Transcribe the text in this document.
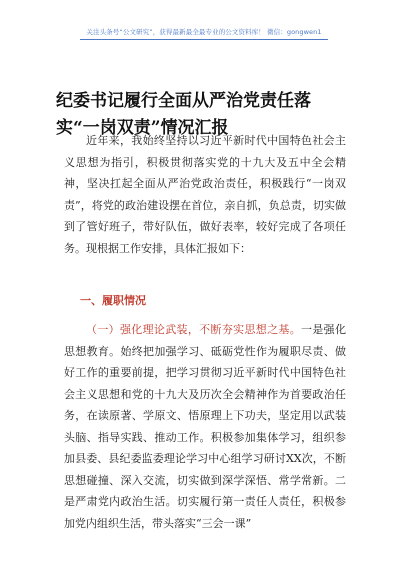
关注头条号“公文研究”，获得最新最全最专业的公文资料库！ 微信：gongwen1
纪委书记履行全面从严治党责任落实“一岗双责”情况汇报

近年来，我始终坚持以习近平新时代中国特色社会主义思想为指引，积极贯彻落实党的十九大及五中全会精神，坚决扛起全面从严治党政治责任，积极践行“一岗双责”，将党的政治建设摆在首位，亲自抓，负总责，切实做到了管好班子，带好队伍，做好表率，较好完成了各项任务。现根据工作安排，具体汇报如下：

一、履职情况

（一）强化理论武装，不断夯实思想之基。一是强化思想教育。始终把加强学习、砥砺党性作为履职尽责、做好工作的重要前提，把学习贯彻习近平新时代中国特色社会主义思想和党的十九大及历次全会精神作为首要政治任务，在读原著、学原文、悟原理上下功夫，坚定用以武装头脑、指导实践、推动工作。积极参加集体学习，组织参加县委、县纪委监委理论学习中心组学习研讨XX次，不断思想碰撞、深入交流，切实做到深学深悟、常学常新。二是严肃党内政治生活。切实履行第一责任人责任，积极参加党内组织生活，带头落实“三会一课”
